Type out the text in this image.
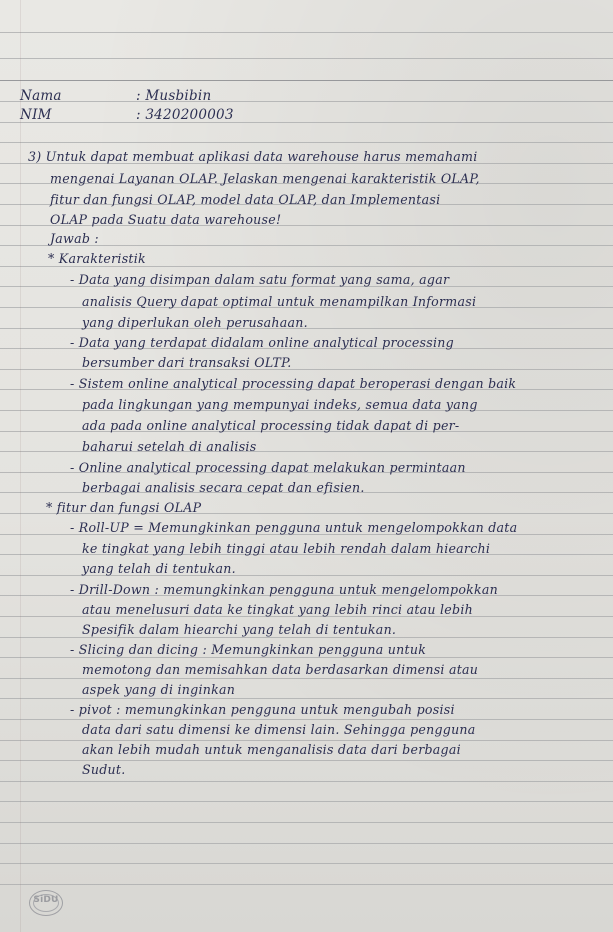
Nama	: Musbibin
NIM	: 3420200003
3) Untuk dapat membuat aplikasi data warehouse harus memahami
mengenai Layanan OLAP. Jelaskan mengenai karakteristik OLAP,
fitur dan fungsi OLAP, model data OLAP, dan Implementasi
OLAP pada Suatu data warehouse!
Jawab :
* Karakteristik
- Data yang disimpan dalam satu format yang sama, agar
analisis Query dapat optimal untuk menampilkan Informasi
yang diperlukan oleh perusahaan.
- Data yang terdapat didalam online analytical processing
bersumber dari transaksi OLTP.
- Sistem online analytical processing dapat beroperasi dengan baik
pada lingkungan yang mempunyai indeks, semua data yang
ada pada online analytical processing tidak dapat di per-
baharui setelah di analisis
- Online analytical processing dapat melakukan permintaan
berbagai analisis secara cepat dan efisien.
* fitur dan fungsi OLAP
- Roll-UP = Memungkinkan pengguna untuk mengelompokkan data
ke tingkat yang lebih tinggi atau lebih rendah dalam hiearchi
yang telah di tentukan.
- Drill-Down : memungkinkan pengguna untuk mengelompokkan
atau menelusuri data ke tingkat yang lebih rinci atau lebih
Spesifik dalam hiearchi yang telah di tentukan.
- Slicing dan dicing : Memungkinkan pengguna untuk
memotong dan memisahkan data berdasarkan dimensi atau
aspek yang di inginkan
- pivot : memungkinkan pengguna untuk mengubah posisi
data dari satu dimensi ke dimensi lain. Sehingga pengguna
akan lebih mudah untuk menganalisis data dari berbagai
Sudut.
SiDU
